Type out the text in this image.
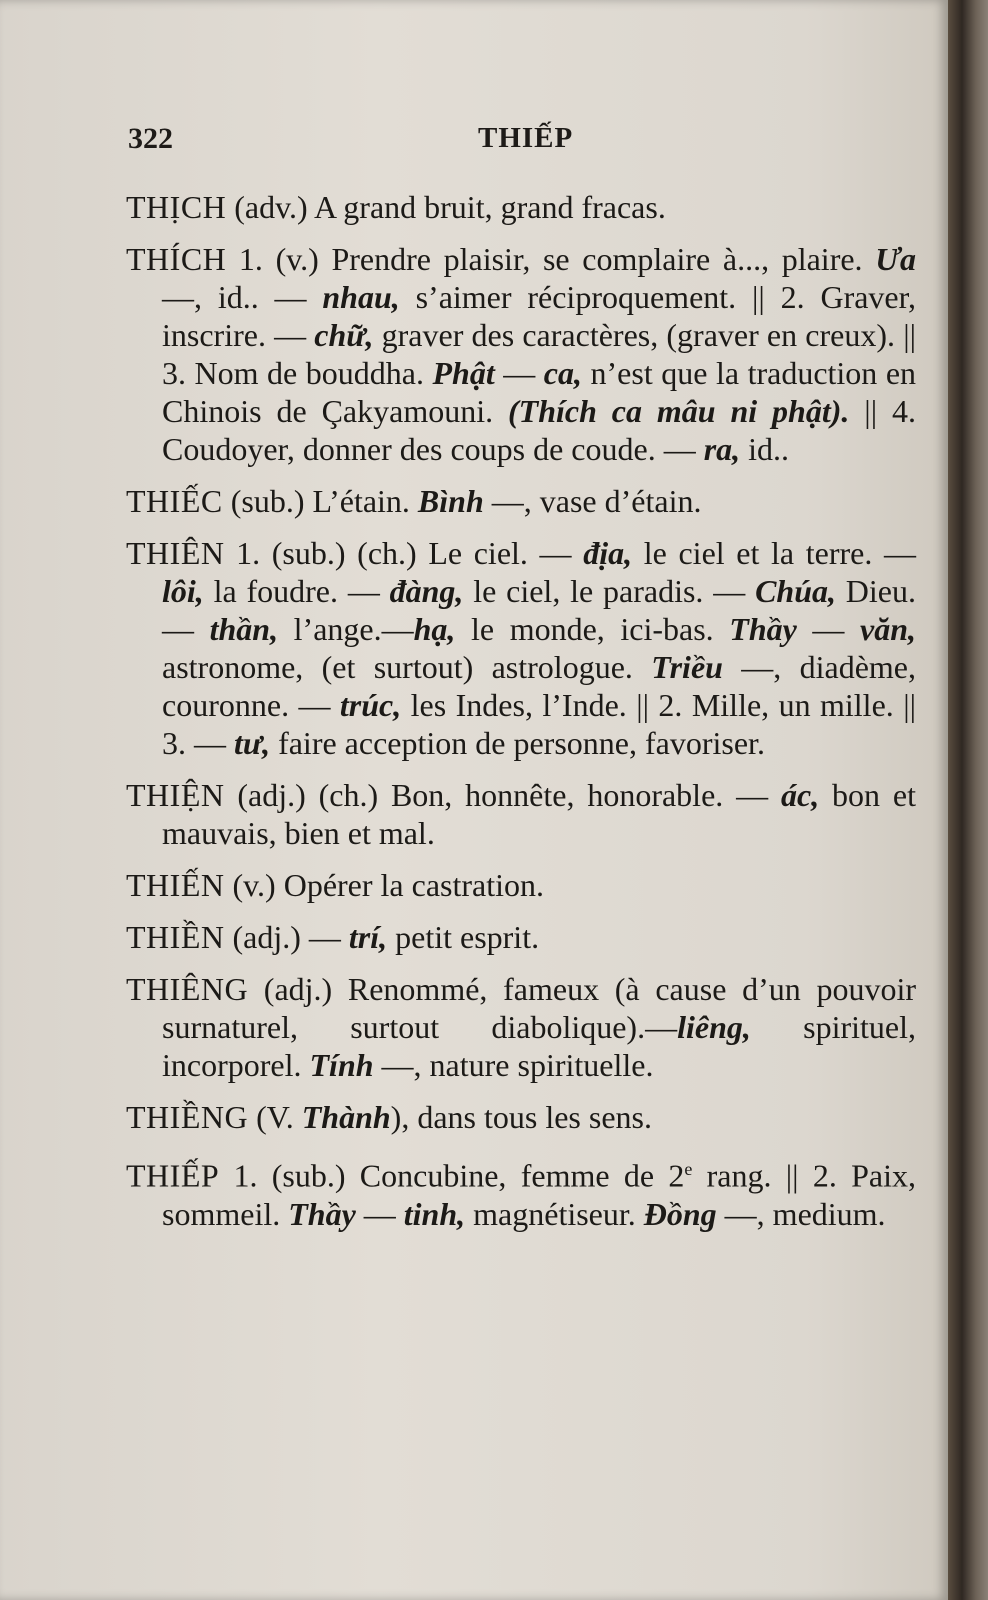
322	THIẾP

THỊCH (adv.) A grand bruit, grand fracas.

THÍCH 1. (v.) Prendre plaisir, se complaire à..., plaire. Ưa —, id.. — nhau, s’aimer réciproquement. || 2. Graver, inscrire. — chữ, graver des caractères, (graver en creux). || 3. Nom de bouddha. Phật — ca, n’est que la traduction en Chinois de Çakyamouni. (Thích ca mâu ni phật). || 4. Coudoyer, donner des coups de coude. — ra, id..

THIẾC (sub.) L’étain. Bình —, vase d’étain.

THIÊN 1. (sub.) (ch.) Le ciel. — địa, le ciel et la terre. — lôi, la foudre. — đàng, le ciel, le paradis. — Chúa, Dieu. — thần, l’ange.—hạ, le monde, ici-bas. Thầy — văn, astronome, (et surtout) astrologue. Triều —, diadème, couronne. — trúc, les Indes, l’Inde. || 2. Mille, un mille. || 3. — tư, faire acception de personne, favoriser.

THIỆN (adj.) (ch.) Bon, honnête, honorable. — ác, bon et mauvais, bien et mal.

THIẾN (v.) Opérer la castration.

THIỀN (adj.) — trí, petit esprit.

THIÊNG (adj.) Renommé, fameux (à cause d’un pouvoir surnaturel, surtout diabolique).—liêng, spirituel, incorporel. Tính —, nature spirituelle.

THIỀNG (V. Thành), dans tous les sens.

THIẾP 1. (sub.) Concubine, femme de 2e rang. || 2. Paix, sommeil. Thầy — tinh, magnétiseur. Đồng —, medium.
